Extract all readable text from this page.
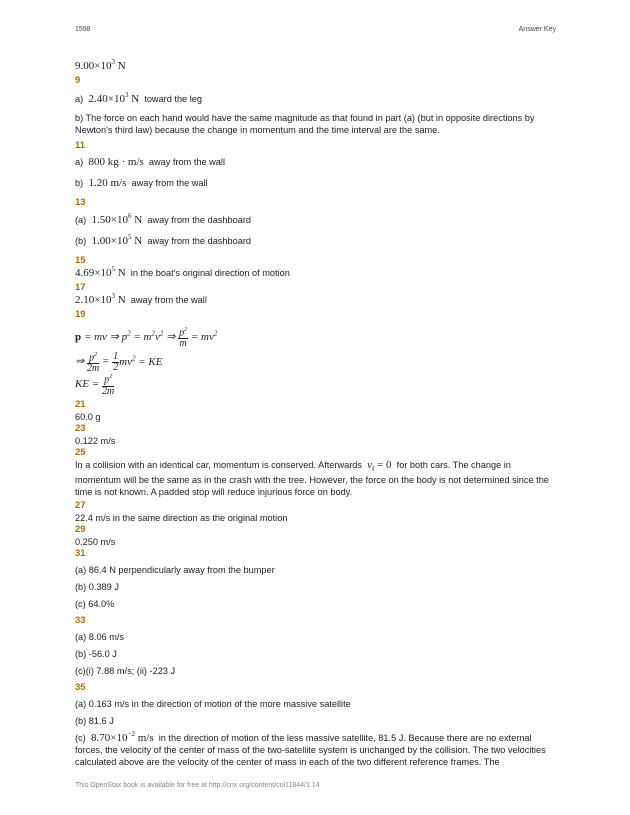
1598	Answer Key
$9.00\times 10^3$ N
9
a) $2.40\times 10^3$ N toward the leg
b) The force on each hand would have the same magnitude as that found in part (a) (but in opposite directions by Newton's third law) because the change in momentum and the time interval are the same.
11
a) 800 kg · m/s away from the wall
b) 1.20 m/s away from the wall
13
(a) $1.50\times 10^6$ N away from the dashboard
(b) $1.00\times 10^5$ N away from the dashboard
15
$4.69\times 10^5$ N in the boat's original direction of motion
17
$2.10\times 10^3$ N away from the wall
19
p = mv ⇒ $p^2 = m^2v^2$ ⇒ $\frac{p^2}{m} = mv^2$
⇒ $\frac{p^2}{2m} = \frac{1}{2} mv^2$ = KE
KE = $\frac{p^2}{2m}$
21
60.0 g
23
0.122 m/s
25
In a collision with an identical car, momentum is conserved. Afterwards $v_f = 0$ for both cars. The change in
momentum will be the same as in the crash with the tree. However, the force on the body is not determined since the time is not known. A padded stop will reduce injurious force on body.
27
22.4 m/s in the same direction as the original motion
29
0.250 m/s
31
(a) 86.4 N perpendicularly away from the bumper
(b) 0.389 J
(c) 64.0%
33
(a) 8.06 m/s
(b) -56.0 J
(c)(i) 7.88 m/s; (ii) -223 J
35
(a) 0.163 m/s in the direction of motion of the more massive satellite
(b) 81.6 J
(c) $8.70\times 10^{-2}$ m/s in the direction of motion of the less massive satellite, 81.5 J. Because there are no external forces, the velocity of the center of mass of the two-satellite system is unchanged by the collision. The two velocities calculated above are the velocity of the center of mass in each of the two different reference frames. The
This OpenStax book is available for free at http://cnx.org/content/col11844/1.14
